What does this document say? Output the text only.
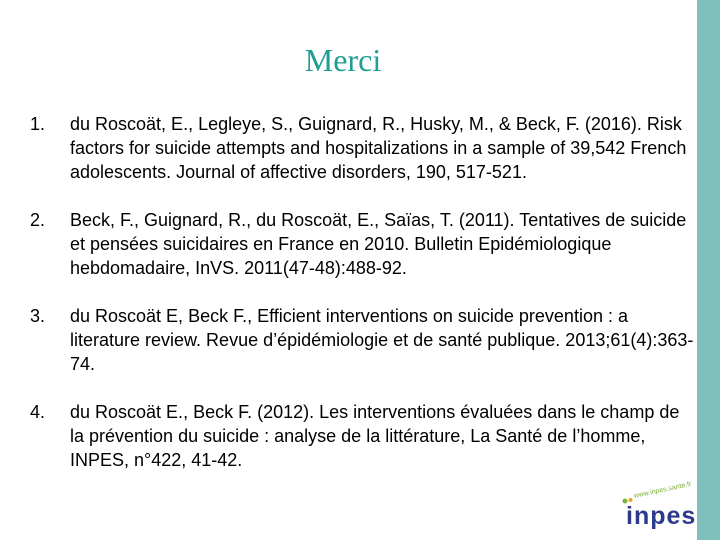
Merci
1. du Roscoät, E., Legleye, S., Guignard, R., Husky, M., & Beck, F. (2016). Risk factors for suicide attempts and hospitalizations in a sample of 39,542 French adolescents. Journal of affective disorders, 190, 517-521.
2. Beck, F., Guignard, R., du Roscoät, E., Saïas, T. (2011). Tentatives de suicide et pensées suicidaires en France en 2010. Bulletin Epidémiologique hebdomadaire, InVS. 2011(47-48):488-92.
3. du Roscoät E, Beck F., Efficient interventions on suicide prevention : a literature review. Revue d’épidémiologie et de santé publique. 2013;61(4):363-74.
4. du Roscoät E., Beck F. (2012). Les interventions évaluées dans le champ de la prévention du suicide : analyse de la littérature, La Santé de l’homme, INPES, n°422, 41-42.
www.inpes.sante.fr
inpes
